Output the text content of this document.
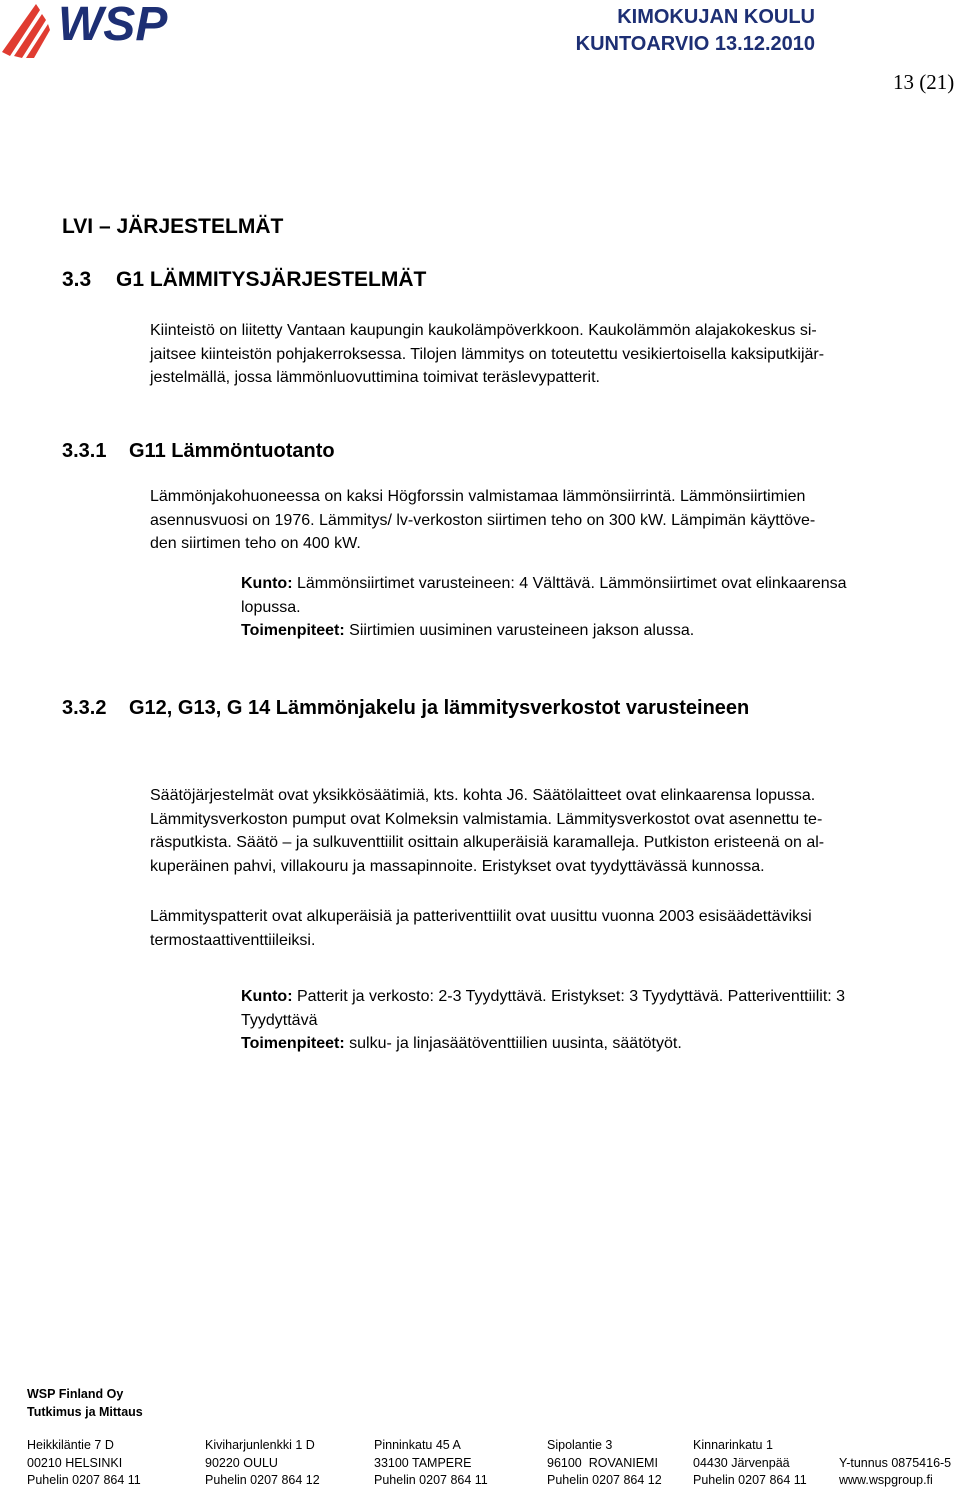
WSP	KIMOKUJAN KOULU
KUNTOARVIO 13.12.2010
13 (21)
LVI – JÄRJESTELMÄT
3.3 G1 LÄMMITYSJÄRJESTELMÄT
Kiinteistö on liitetty Vantaan kaupungin kaukolämpöverkkoon. Kaukolämmön alajakokeskus si-
jaitsee kiinteistön pohjakerroksessa. Tilojen lämmitys on toteutettu vesikiertoisella kaksiputkijär-
jestelmällä, jossa lämmönluovuttimina toimivat teräslevypatterit.
3.3.1 G11 Lämmöntuotanto
Lämmönjakohuoneessa on kaksi Högforssin valmistamaa lämmönsiirrintä. Lämmönsiirtimien
asennusvuosi on 1976. Lämmitys/ lv-verkoston siirtimen teho on 300 kW. Lämpimän käyttöve-
den siirtimen teho on 400 kW.
Kunto: Lämmönsiirtimet varusteineen: 4 Välttävä. Lämmönsiirtimet ovat elinkaarensa
lopussa.
Toimenpiteet: Siirtimien uusiminen varusteineen jakson alussa.
3.3.2 G12, G13, G 14 Lämmönjakelu ja lämmitysverkostot varusteineen
Säätöjärjestelmät ovat yksikkösäätimiä, kts. kohta J6. Säätölaitteet ovat elinkaarensa lopussa.
Lämmitysverkoston pumput ovat Kolmeksin valmistamia. Lämmitysverkostot ovat asennettu te-
räsputkista. Säätö – ja sulkuventtiilit osittain alkuperäisiä karamalleja. Putkiston eristeenä on al-
kuperäinen pahvi, villakouru ja massapinnoite. Eristykset ovat tyydyttävässä kunnossa.
Lämmityspatterit ovat alkuperäisiä ja patteriventtiilit ovat uusittu vuonna 2003 esisäädettäviksi
termostaattiventtiileiksi.
Kunto: Patterit ja verkosto: 2-3 Tyydyttävä. Eristykset: 3 Tyydyttävä. Patteriventtiilit: 3
Tyydyttävä
Toimenpiteet: sulku- ja linjasäätöventtiilien uusinta, säätötyöt.
WSP Finland Oy
Tutkimus ja Mittaus
Heikkiläntie 7 D
00210 HELSINKI
Puhelin 0207 864 11
Kiviharjunlenkki 1 D
90220 OULU
Puhelin 0207 864 12
Pinninkatu 45 A
33100 TAMPERE
Puhelin 0207 864 11
Sipolantie 3
96100  ROVANIEMI
Puhelin 0207 864 12
Kinnarinkatu 1
04430 Järvenpää
Puhelin 0207 864 11

Y-tunnus 0875416-5
www.wspgroup.fi
